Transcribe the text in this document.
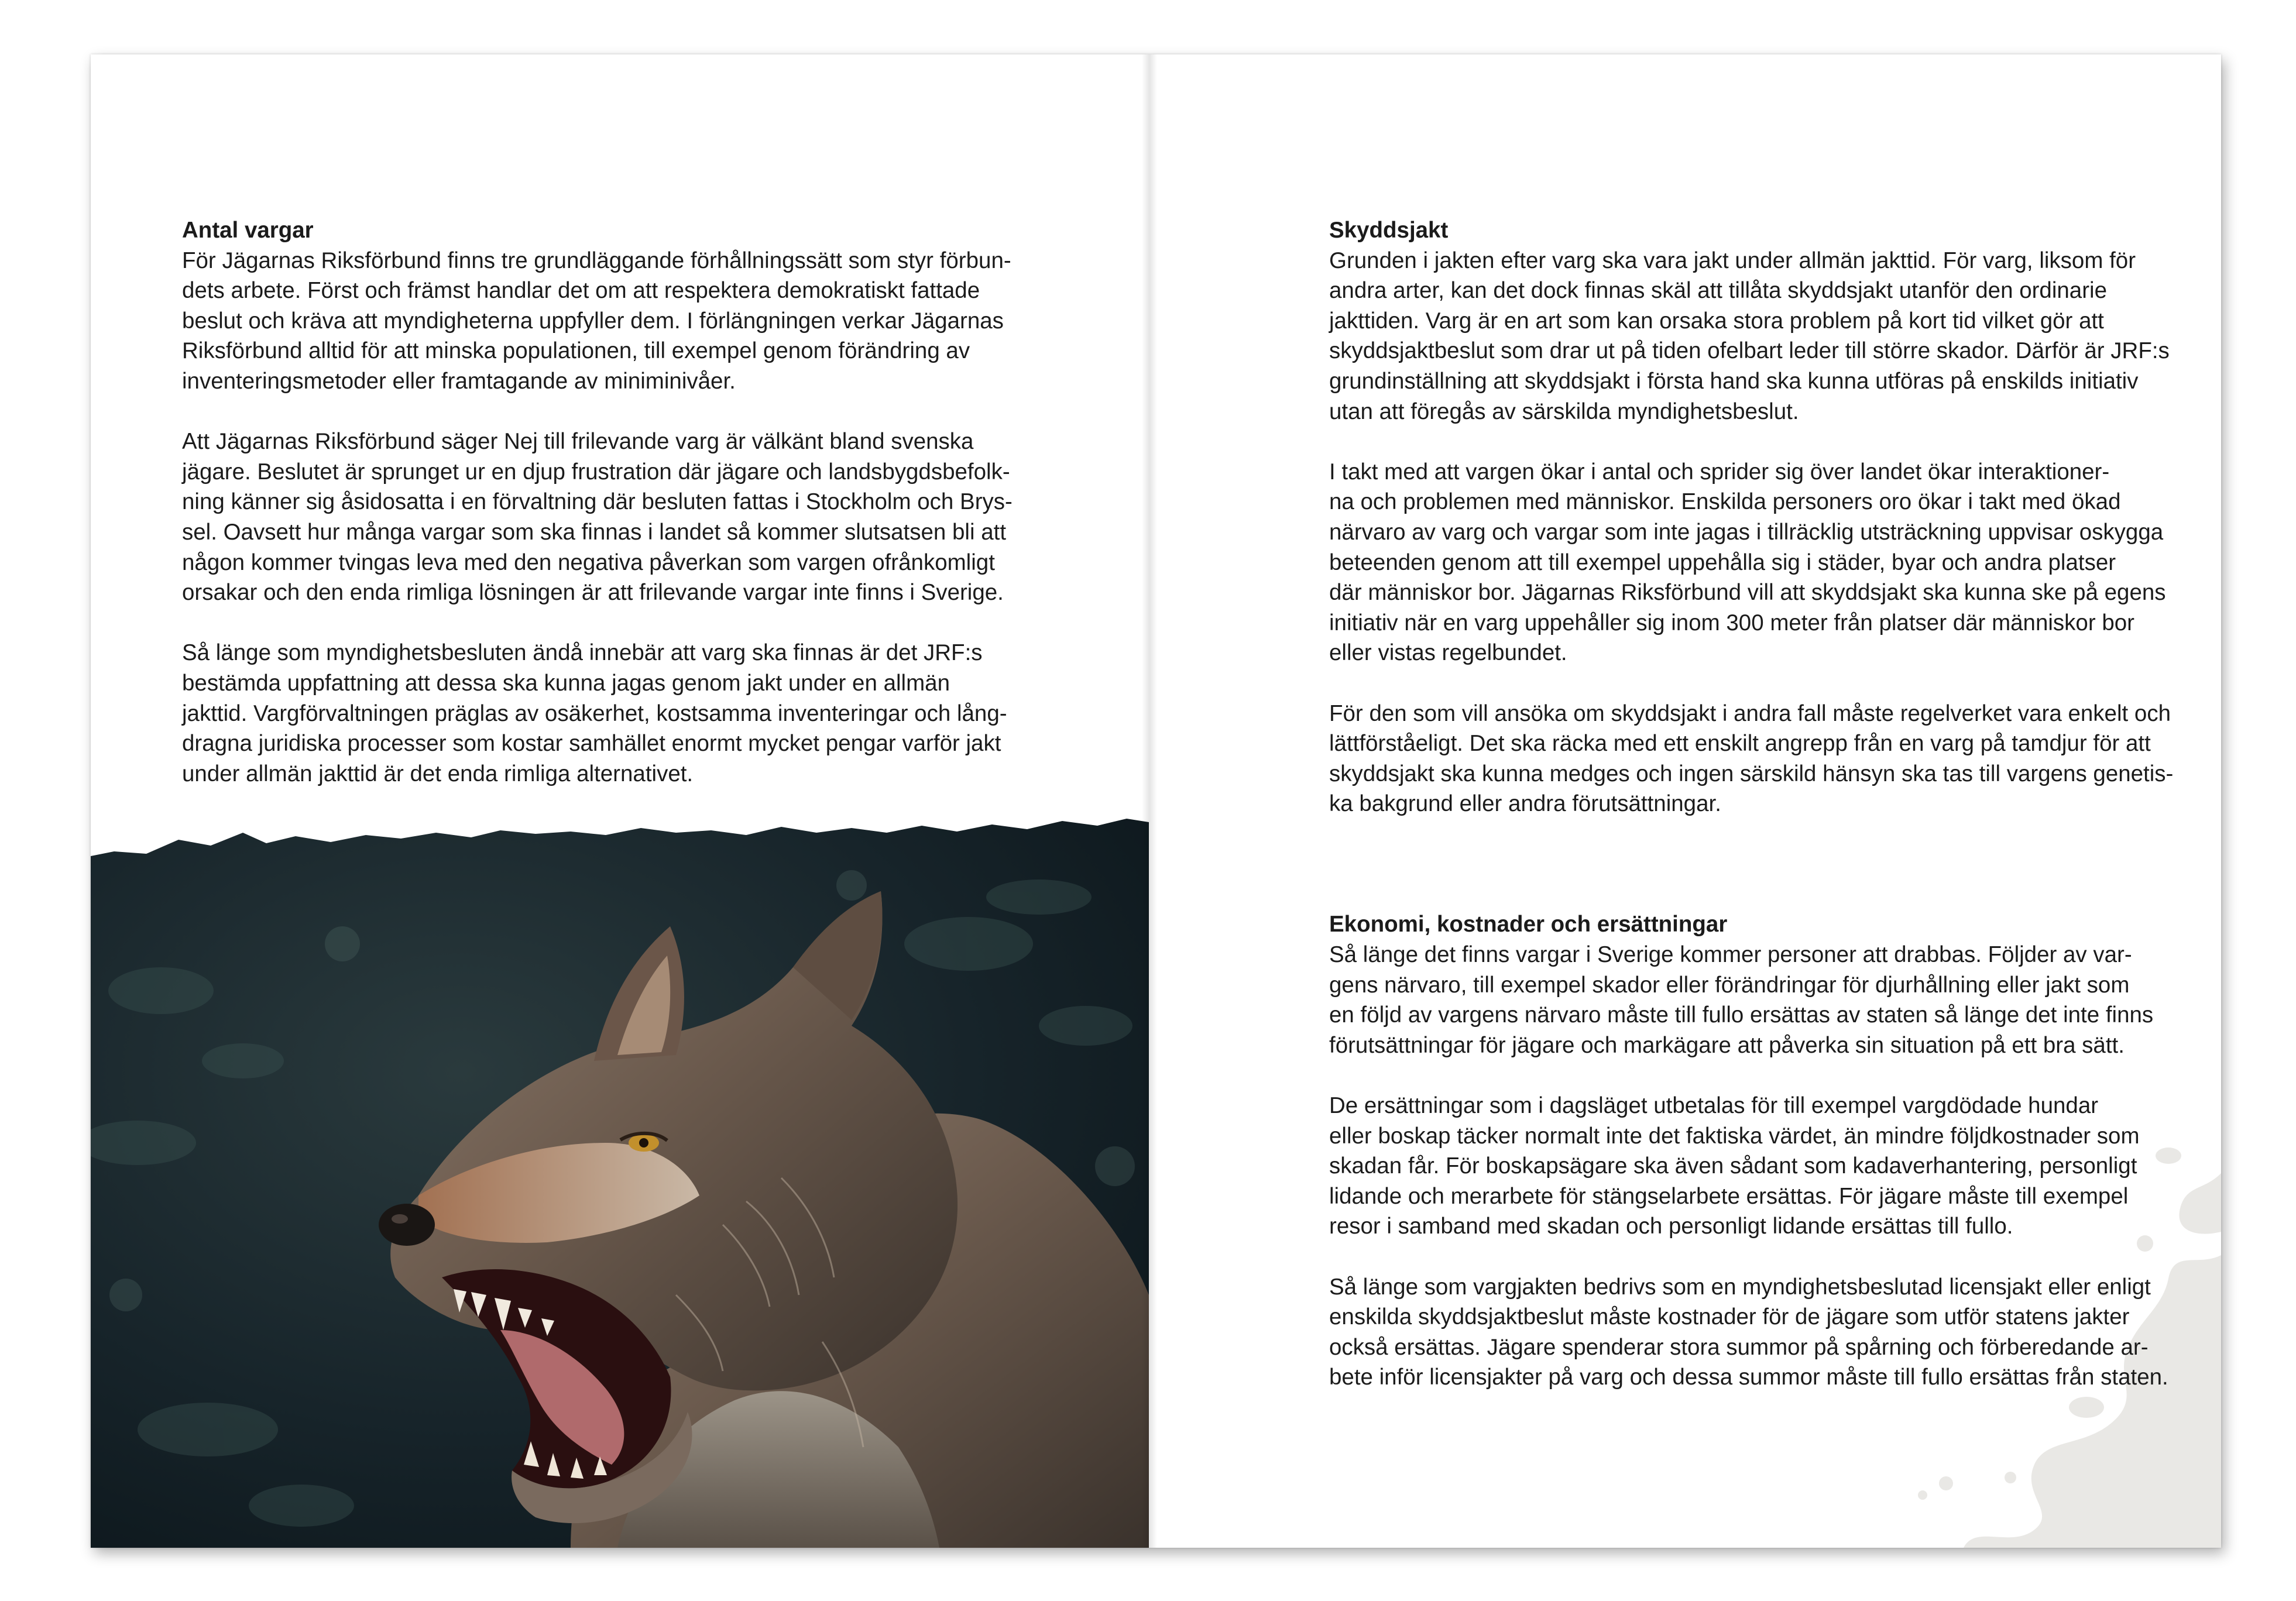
Antal vargar

För Jägarnas Riksförbund finns tre grundläggande förhållningssätt som styr förbun-
dets arbete. Först och främst handlar det om att respektera demokratiskt fattade
beslut och kräva att myndigheterna uppfyller dem. I förlängningen verkar Jägarnas
Riksförbund alltid för att minska populationen, till exempel genom förändring av
inventeringsmetoder eller framtagande av miniminivåer.

Att Jägarnas Riksförbund säger Nej till frilevande varg är välkänt bland svenska
jägare. Beslutet är sprunget ur en djup frustration där jägare och landsbygdsbefolk-
ning känner sig åsidosatta i en förvaltning där besluten fattas i Stockholm och Brys-
sel. Oavsett hur många vargar som ska finnas i landet så kommer slutsatsen bli att
någon kommer tvingas leva med den negativa påverkan som vargen ofrånkomligt
orsakar och den enda rimliga lösningen är att frilevande vargar inte finns i Sverige.

Så länge som myndighetsbesluten ändå innebär att varg ska finnas är det JRF:s
bestämda uppfattning att dessa ska kunna jagas genom jakt under en allmän
jakttid. Vargförvaltningen präglas av osäkerhet, kostsamma inventeringar och lång-
dragna juridiska processer som kostar samhället enormt mycket pengar varför jakt
under allmän jakttid är det enda rimliga alternativet.

Skyddsjakt

Grunden i jakten efter varg ska vara jakt under allmän jakttid. För varg, liksom för
andra arter, kan det dock finnas skäl att tillåta skyddsjakt utanför den ordinarie
jakttiden. Varg är en art som kan orsaka stora problem på kort tid vilket gör att
skyddsjaktbeslut som drar ut på tiden ofelbart leder till större skador. Därför är JRF:s
grundinställning att skyddsjakt i första hand ska kunna utföras på enskilds initiativ
utan att föregås av särskilda myndighetsbeslut.

I takt med att vargen ökar i antal och sprider sig över landet ökar interaktioner-
na och problemen med människor. Enskilda personers oro ökar i takt med ökad
närvaro av varg och vargar som inte jagas i tillräcklig utsträckning uppvisar oskygga
beteenden genom att till exempel uppehålla sig i städer, byar och andra platser
där människor bor. Jägarnas Riksförbund vill att skyddsjakt ska kunna ske på egens
initiativ när en varg uppehåller sig inom 300 meter från platser där människor bor
eller vistas regelbundet.

För den som vill ansöka om skyddsjakt i andra fall måste regelverket vara enkelt och
lättförståeligt. Det ska räcka med ett enskilt angrepp från en varg på tamdjur för att
skyddsjakt ska kunna medges och ingen särskild hänsyn ska tas till vargens genetis-
ka bakgrund eller andra förutsättningar.

Ekonomi, kostnader och ersättningar

Så länge det finns vargar i Sverige kommer personer att drabbas. Följder av var-
gens närvaro, till exempel skador eller förändringar för djurhållning eller jakt som
en följd av vargens närvaro måste till fullo ersättas av staten så länge det inte finns
förutsättningar för jägare och markägare att påverka sin situation på ett bra sätt.

De ersättningar som i dagsläget utbetalas för till exempel vargdödade hundar
eller boskap täcker normalt inte det faktiska värdet, än mindre följdkostnader som
skadan får. För boskapsägare ska även sådant som kadaverhantering, personligt
lidande och merarbete för stängselarbete ersättas. För jägare måste till exempel
resor i samband med skadan och personligt lidande ersättas till fullo.

Så länge som vargjakten bedrivs som en myndighetsbeslutad licensjakt eller enligt
enskilda skyddsjaktbeslut måste kostnader för de jägare som utför statens jakter
också ersättas. Jägare spenderar stora summor på spårning och förberedande ar-
bete inför licensjakter på varg och dessa summor måste till fullo ersättas från staten.
